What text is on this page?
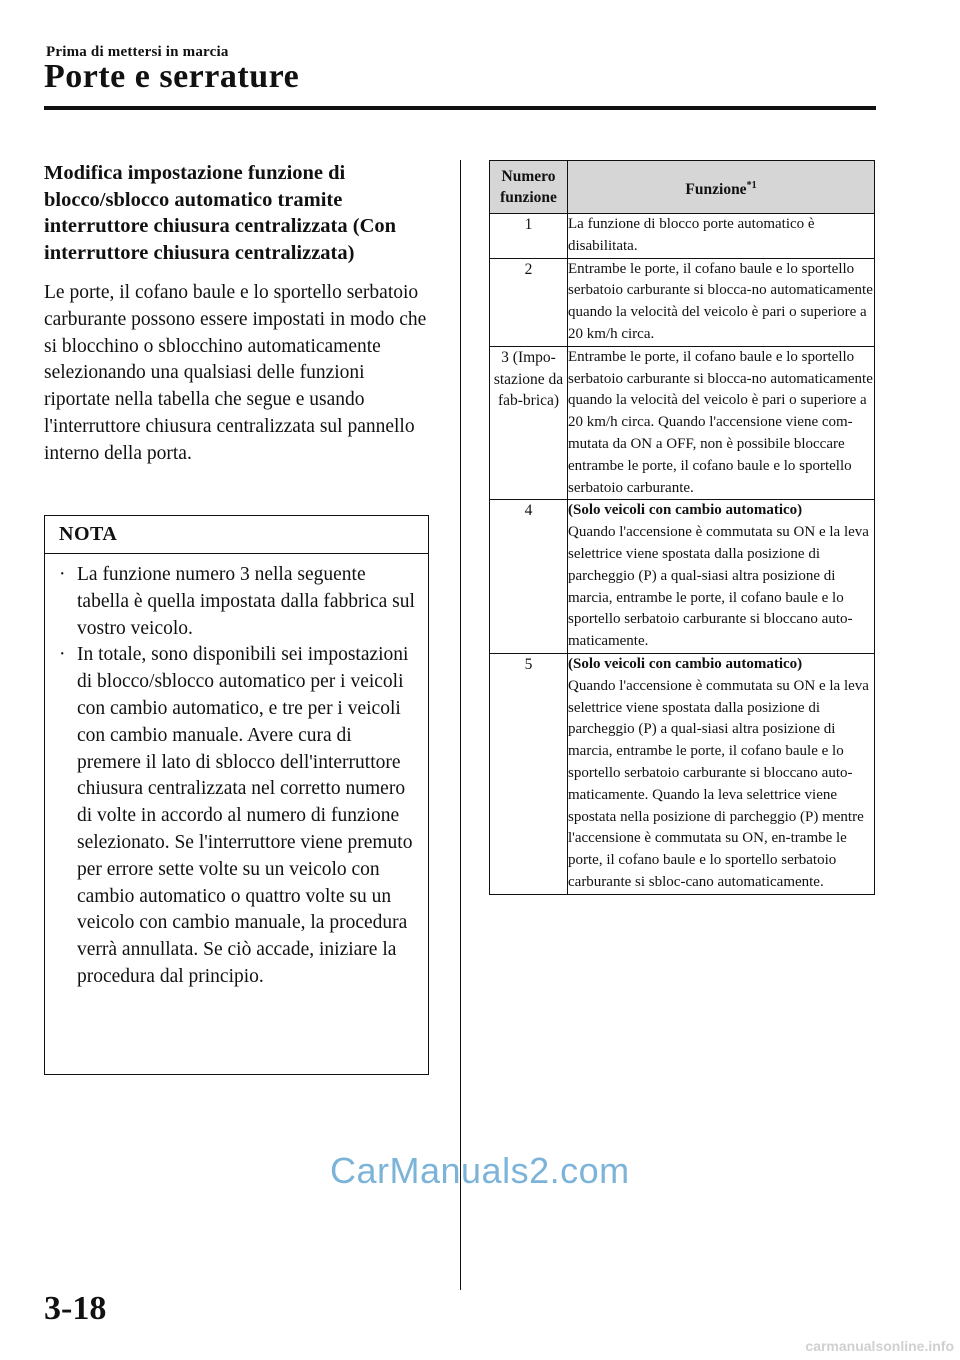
Prima di mettersi in marcia
Porte e serrature
Modifica impostazione funzione di blocco/sblocco automatico tramite interruttore chiusura centralizzata (Con interruttore chiusura centralizzata)
Le porte, il cofano baule e lo sportello serbatoio carburante possono essere impostati in modo che si blocchino o sblocchino automaticamente selezionando una qualsiasi delle funzioni riportate nella tabella che segue e usando l'interruttore chiusura centralizzata sul pannello interno della porta.
NOTA
· La funzione numero 3 nella seguente tabella è quella impostata dalla fabbrica sul vostro veicolo.
· In totale, sono disponibili sei impostazioni di blocco/sblocco automatico per i veicoli con cambio automatico, e tre per i veicoli con cambio manuale. Avere cura di premere il lato di sblocco dell'interruttore chiusura centralizzata nel corretto numero di volte in accordo al numero di funzione selezionato. Se l'interruttore viene premuto per errore sette volte su un veicolo con cambio automatico o quattro volte su un veicolo con cambio manuale, la procedura verrà annullata. Se ciò accade, iniziare la procedura dal principio.
Numero funzione	Funzione$^{*1}$
1	La funzione di blocco porte automatico è disabilitata.

2	Entrambe le porte, il cofano baule e lo sportello serbatoio carburante si blocca-no automaticamente quando la velocità del veicolo è pari o superiore a 20 km/h circa.

3 (Impo-stazione da fab-brica)	Entrambe le porte, il cofano baule e lo sportello serbatoio carburante si blocca-no automaticamente quando la velocità del veicolo è pari o superiore a 20 km/h circa. Quando l'accensione viene com-mutata da ON a OFF, non è possibile bloccare entrambe le porte, il cofano baule e lo sportello serbatoio carburante.

4	(Solo veicoli con cambio automatico)
Quando l'accensione è commutata su ON e la leva selettrice viene spostata dalla posizione di parcheggio (P) a qual-siasi altra posizione di marcia, entrambe le porte, il cofano baule e lo sportello serbatoio carburante si bloccano auto-maticamente.

5	(Solo veicoli con cambio automatico)
Quando l'accensione è commutata su ON e la leva selettrice viene spostata dalla posizione di parcheggio (P) a qual-siasi altra posizione di marcia, entrambe le porte, il cofano baule e lo sportello serbatoio carburante si bloccano auto-maticamente. Quando la leva selettrice viene spostata nella posizione di parcheggio (P) mentre l'accensione è commutata su ON, en-trambe le porte, il cofano baule e lo sportello serbatoio carburante si sbloc-cano automaticamente.
3-18
CarManuals2.com
carmanualsonline.info
